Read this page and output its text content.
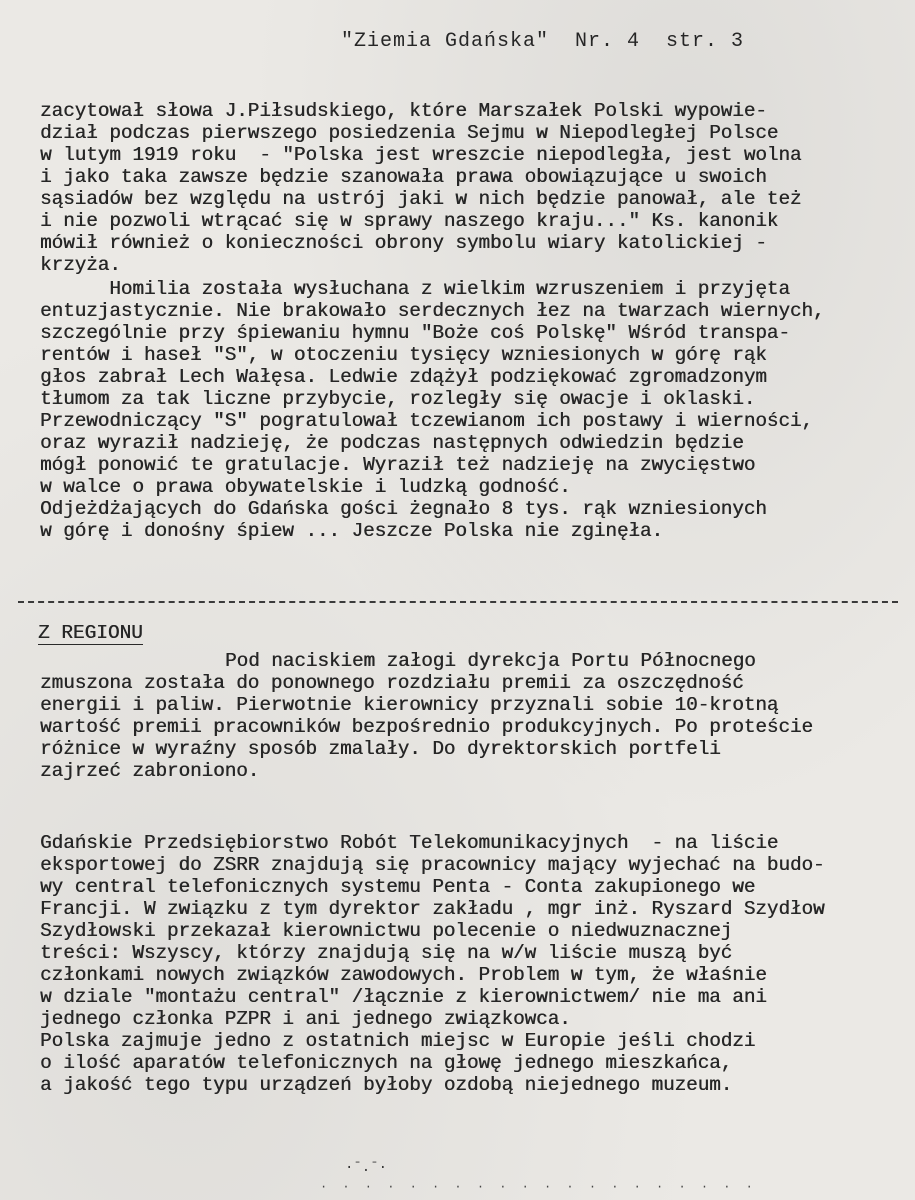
"Ziemia Gdańska"  Nr. 4  str. 3
zacytował słowa J.Piłsudskiego, które Marszałek Polski wypowie-
dział podczas pierwszego posiedzenia Sejmu w Niepodległej Polsce
w lutym 1919 roku  - "Polska jest wreszcie niepodległa, jest wolna
i jako taka zawsze będzie szanowała prawa obowiązujące u swoich
sąsiadów bez względu na ustrój jaki w nich będzie panował, ale też
i nie pozwoli wtrącać się w sprawy naszego kraju..." Ks. kanonik
mówił również o konieczności obrony symbolu wiary katolickiej -
krzyża.
Homilia została wysłuchana z wielkim wzruszeniem i przyjęta
entuzjastycznie. Nie brakowało serdecznych łez na twarzach wiernych,
szczególnie przy śpiewaniu hymnu "Boże coś Polskę" Wśród transpa-
rentów i haseł "S", w otoczeniu tysięcy wzniesionych w górę rąk
głos zabrał Lech Wałęsa. Ledwie zdążył podziękować zgromadzonym
tłumom za tak liczne przybycie, rozległy się owacje i oklaski.
Przewodniczący "S" pogratulował tczewianom ich postawy i wierności,
oraz wyraził nadzieję, że podczas następnych odwiedzin będzie
mógł ponowić te gratulacje. Wyraził też nadzieję na zwycięstwo
w walce o prawa obywatelskie i ludzką godność.
Odjeżdżających do Gdańska gości żegnało 8 tys. rąk wzniesionych
w górę i donośny śpiew ... Jeszcze Polska nie zginęła.
Z REGIONU
Pod naciskiem załogi dyrekcja Portu Północnego
zmuszona została do ponownego rozdziału premii za oszczędność
energii i paliw. Pierwotnie kierownicy przyznali sobie 10-krotną
wartość premii pracowników bezpośrednio produkcyjnych. Po proteście
różnice w wyraźny sposób zmalały. Do dyrektorskich portfeli
zajrzeć zabroniono.
Gdańskie Przedsiębiorstwo Robót Telekomunikacyjnych  - na liście
eksportowej do ZSRR znajdują się pracownicy mający wyjechać na budo-
wy central telefonicznych systemu Penta - Conta zakupionego we
Francji. W związku z tym dyrektor zakładu , mgr inż. Ryszard Szydłow
Szydłowski przekazał kierownictwu polecenie o niedwuznacznej
treści: Wszyscy, którzy znajdują się na w/w liście muszą być
członkami nowych związków zawodowych. Problem w tym, że właśnie
w dziale "montażu central" /łącznie z kierownictwem/ nie ma ani
jednego członka PZPR i ani jednego związkowca.
Polska zajmuje jedno z ostatnich miejsc w Europie jeśli chodzi
o ilość aparatów telefonicznych na głowę jednego mieszkańca,
a jakość tego typu urządzeń byłoby ozdobą niejednego muzeum.
·ˉ.ˉ·
· · · · · · · · · · · · · · · · · · · ·
